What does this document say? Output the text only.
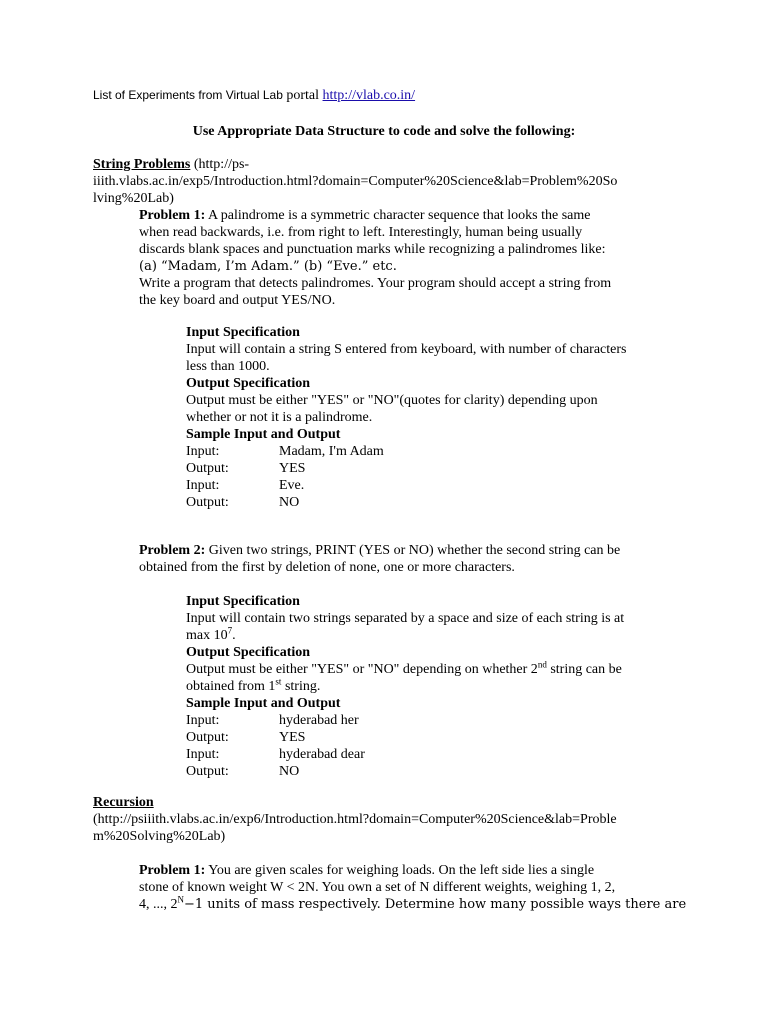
List of Experiments from Virtual Lab portal http://vlab.co.in/
Use Appropriate Data Structure to code and solve the following:
String Problems (http://ps-
iiith.vlabs.ac.in/exp5/Introduction.html?domain=Computer%20Science&lab=Problem%20So
lving%20Lab)
Problem 1: A palindrome is a symmetric character sequence that looks the same
when read backwards, i.e. from right to left. Interestingly, human being usually
discards blank spaces and punctuation marks while recognizing a palindromes like:
(a) “Madam, I’m Adam.” (b) “Eve.” etc.
Write a program that detects palindromes. Your program should accept a string from
the key board and output YES/NO.
Input Specification
Input will contain a string S entered from keyboard, with number of characters
less than 1000.
Output Specification
Output must be either "YES" or "NO"(quotes for clarity) depending upon
whether or not it is a palindrome.
Sample Input and Output
Input:	Madam, I'm Adam
Output:	YES
Input:	Eve.
Output:	NO
Problem 2: Given two strings, PRINT (YES or NO) whether the second string can be
obtained from the first by deletion of none, one or more characters.
Input Specification
Input will contain two strings separated by a space and size of each string is at
$\max 10^7$.
Output Specification
Output must be either "YES" or "NO" depending on whether 2nd string can be
obtained from 1st string.
Sample Input and Output
Input:	hyderabad her
Output:	YES
Input:	hyderabad dear
Output:	NO
Recursion
(http://psiiith.vlabs.ac.in/exp6/Introduction.html?domain=Computer%20Science&lab=Proble
m%20Solving%20Lab)
Problem 1: You are given scales for weighing loads. On the left side lies a single
stone of known weight W < 2N. You own a set of N different weights, weighing 1, 2,
4, ..., $2^N-1$ units of mass respectively. Determine how many possible ways there are
